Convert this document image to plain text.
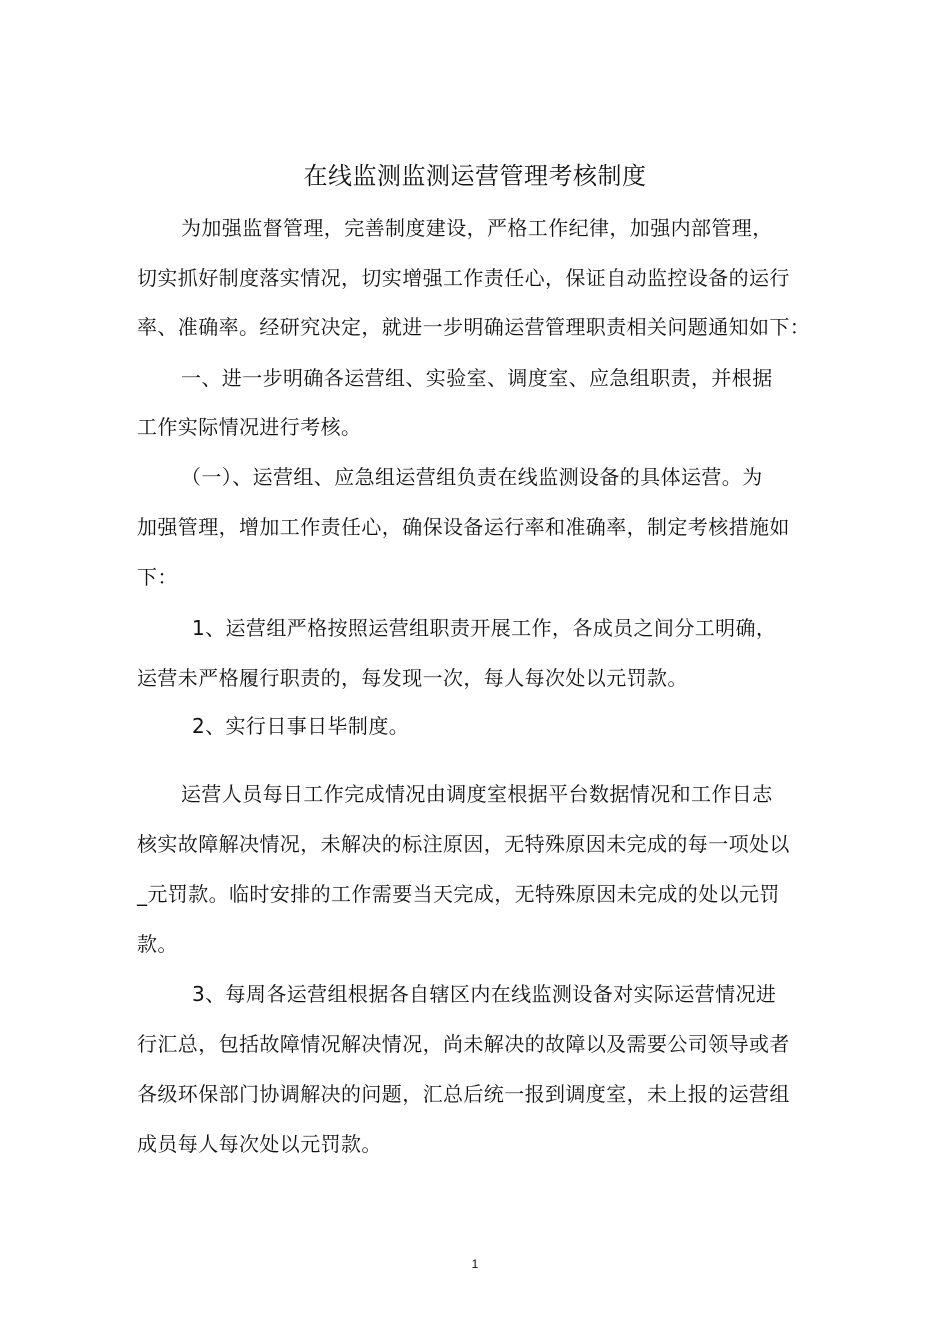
在线监测监测运营管理考核制度
为加强监督管理，完善制度建设，严格工作纪律，加强内部管理，
切实抓好制度落实情况，切实增强工作责任心，保证自动监控设备的运行
率、准确率。经研究决定，就进一步明确运营管理职责相关问题通知如下：
一、进一步明确各运营组、实验室、调度室、应急组职责，并根据
工作实际情况进行考核。
（一）、运营组、应急组运营组负责在线监测设备的具体运营。为
加强管理，增加工作责任心，确保设备运行率和准确率，制定考核措施如
下：
1、运营组严格按照运营组职责开展工作，各成员之间分工明确，
运营未严格履行职责的，每发现一次，每人每次处以元罚款。
2、实行日事日毕制度。
运营人员每日工作完成情况由调度室根据平台数据情况和工作日志
核实故障解决情况，未解决的标注原因，无特殊原因未完成的每一项处以
_元罚款。临时安排的工作需要当天完成，无特殊原因未完成的处以元罚
款。
3、每周各运营组根据各自辖区内在线监测设备对实际运营情况进
行汇总，包括故障情况解决情况，尚未解决的故障以及需要公司领导或者
各级环保部门协调解决的问题，汇总后统一报到调度室，未上报的运营组
成员每人每次处以元罚款。
1
